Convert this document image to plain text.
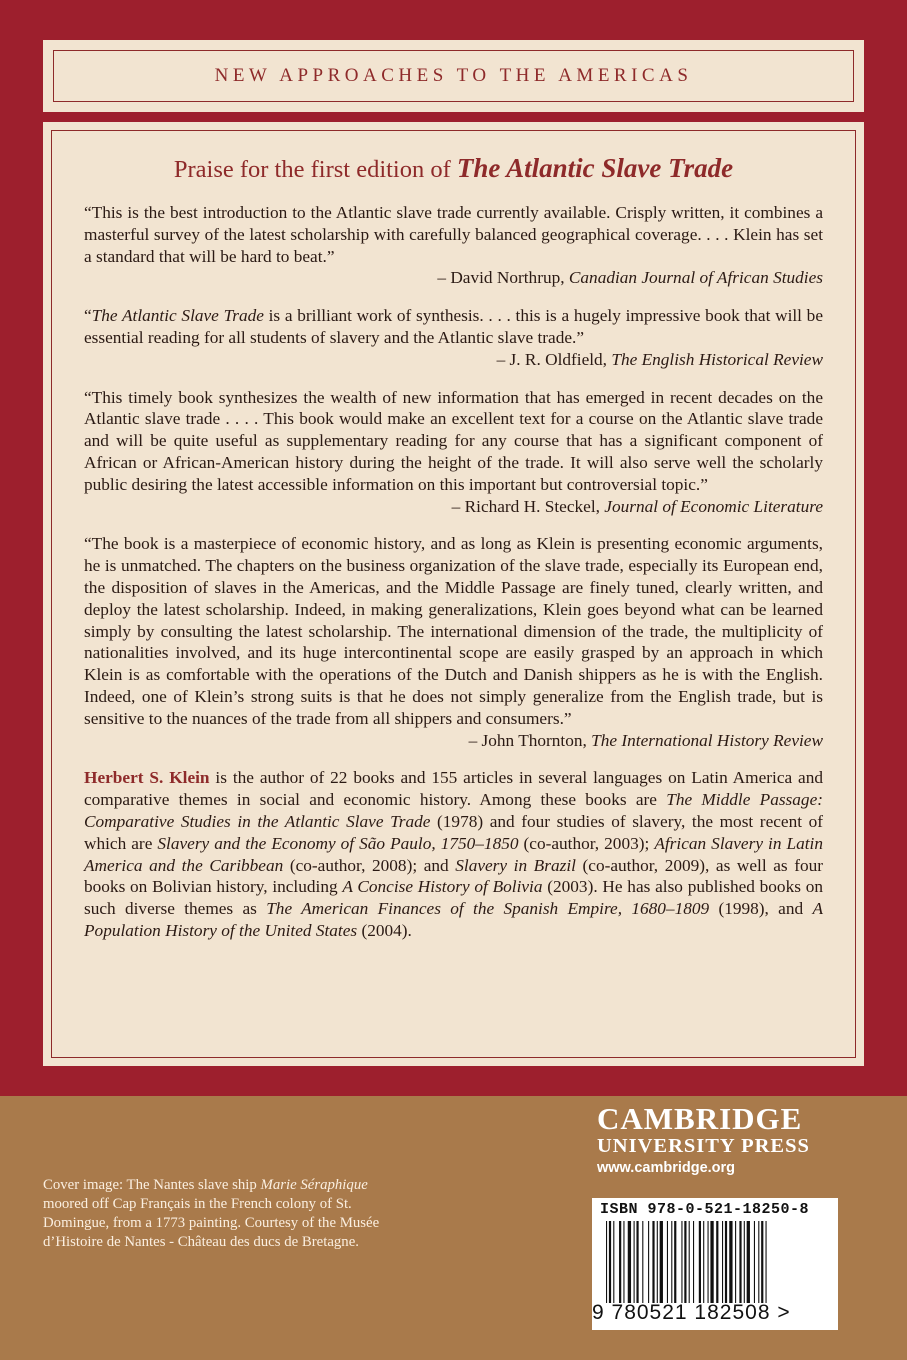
NEW APPROACHES TO THE AMERICAS

Praise for the first edition of The Atlantic Slave Trade

“This is the best introduction to the Atlantic slave trade currently available. Crisply written, it combines a masterful survey of the latest scholarship with carefully balanced geographical coverage. . . . Klein has set a standard that will be hard to beat.”

– David Northrup, Canadian Journal of African Studies

“The Atlantic Slave Trade is a brilliant work of synthesis. . . . this is a hugely impressive book that will be essential reading for all students of slavery and the Atlantic slave trade.”

– J. R. Oldfield, The English Historical Review

“This timely book synthesizes the wealth of new information that has emerged in recent decades on the Atlantic slave trade . . . . This book would make an excellent text for a course on the Atlantic slave trade and will be quite useful as supplementary reading for any course that has a significant component of African or African-American history during the height of the trade. It will also serve well the scholarly public desiring the latest accessible information on this important but controversial topic.”

– Richard H. Steckel, Journal of Economic Literature

“The book is a masterpiece of economic history, and as long as Klein is presenting economic arguments, he is unmatched. The chapters on the business organization of the slave trade, especially its European end, the disposition of slaves in the Americas, and the Middle Passage are finely tuned, clearly written, and deploy the latest scholarship. Indeed, in making generalizations, Klein goes beyond what can be learned simply by consulting the latest scholarship. The international dimension of the trade, the multiplicity of nationalities involved, and its huge intercontinental scope are easily grasped by an approach in which Klein is as comfortable with the operations of the Dutch and Danish shippers as he is with the English. Indeed, one of Klein’s strong suits is that he does not simply generalize from the English trade, but is sensitive to the nuances of the trade from all shippers and consumers.”

– John Thornton, The International History Review

Herbert S. Klein is the author of 22 books and 155 articles in several languages on Latin America and comparative themes in social and economic history. Among these books are The Middle Passage: Comparative Studies in the Atlantic Slave Trade (1978) and four studies of slavery, the most recent of which are Slavery and the Economy of São Paulo, 1750–1850 (co-author, 2003); African Slavery in Latin America and the Caribbean (co-author, 2008); and Slavery in Brazil (co-author, 2009), as well as four books on Bolivian history, including A Concise History of Bolivia (2003). He has also published books on such diverse themes as The American Finances of the Spanish Empire, 1680–1809 (1998), and A Population History of the United States (2004).

Cover image: The Nantes slave ship Marie Séraphique moored off Cap Français in the French colony of St. Domingue, from a 1773 painting. Courtesy of the Musée d’Histoire de Nantes - Château des ducs de Bretagne.
CAMBRIDGE
UNIVERSITY PRESS
www.cambridge.org
ISBN 978-0-521-18250-8
9 780521 182508 >
